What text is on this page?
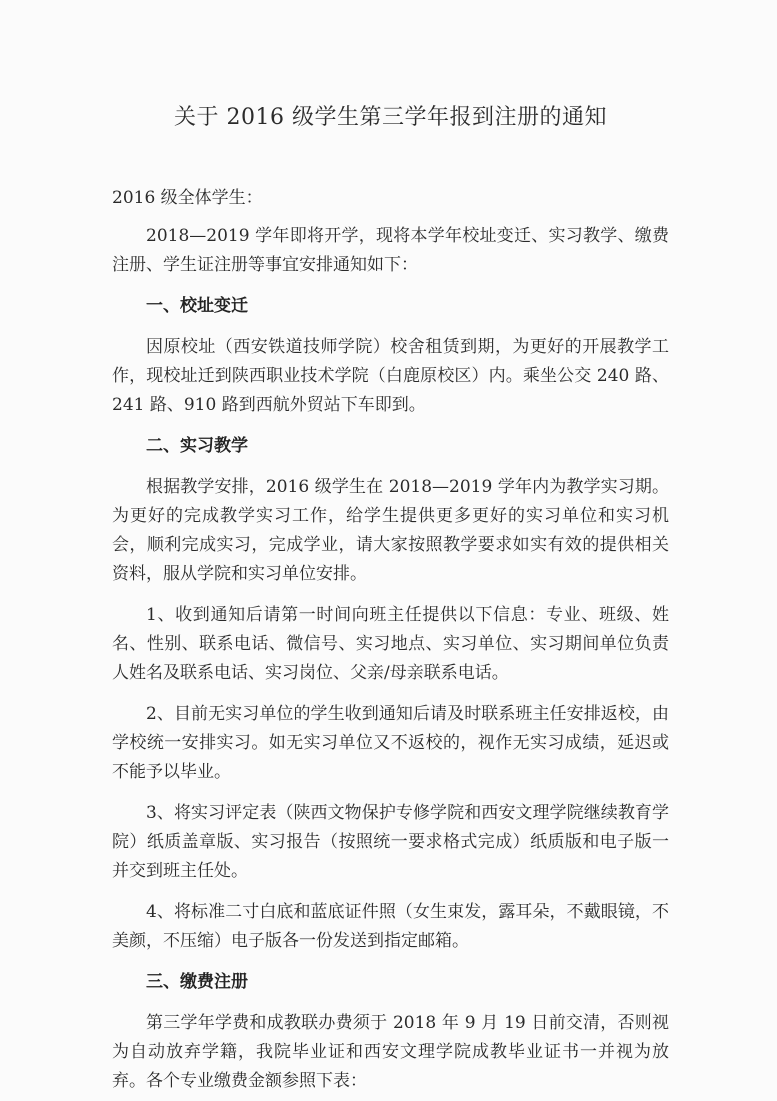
关于 2016 级学生第三学年报到注册的通知

2016 级全体学生：

2018—2019 学年即将开学，现将本学年校址变迁、实习教学、缴费注册、学生证注册等事宜安排通知如下：

一、校址变迁

因原校址（西安铁道技师学院）校舍租赁到期，为更好的开展教学工作，现校址迁到陕西职业技术学院（白鹿原校区）内。乘坐公交 240 路、241 路、910 路到西航外贸站下车即到。

二、实习教学

根据教学安排，2016 级学生在 2018—2019 学年内为教学实习期。为更好的完成教学实习工作，给学生提供更多更好的实习单位和实习机会，顺利完成实习，完成学业，请大家按照教学要求如实有效的提供相关资料，服从学院和实习单位安排。

1、收到通知后请第一时间向班主任提供以下信息：专业、班级、姓名、性别、联系电话、微信号、实习地点、实习单位、实习期间单位负责人姓名及联系电话、实习岗位、父亲/母亲联系电话。

2、目前无实习单位的学生收到通知后请及时联系班主任安排返校，由学校统一安排实习。如无实习单位又不返校的，视作无实习成绩，延迟或不能予以毕业。

3、将实习评定表（陕西文物保护专修学院和西安文理学院继续教育学院）纸质盖章版、实习报告（按照统一要求格式完成）纸质版和电子版一并交到班主任处。

4、将标准二寸白底和蓝底证件照（女生束发，露耳朵，不戴眼镜，不美颜，不压缩）电子版各一份发送到指定邮箱。

三、缴费注册

第三学年学费和成教联办费须于 2018 年 9 月 19 日前交清，否则视为自动放弃学籍，我院毕业证和西安文理学院成教毕业证书一并视为放弃。各个专业缴费金额参照下表：
